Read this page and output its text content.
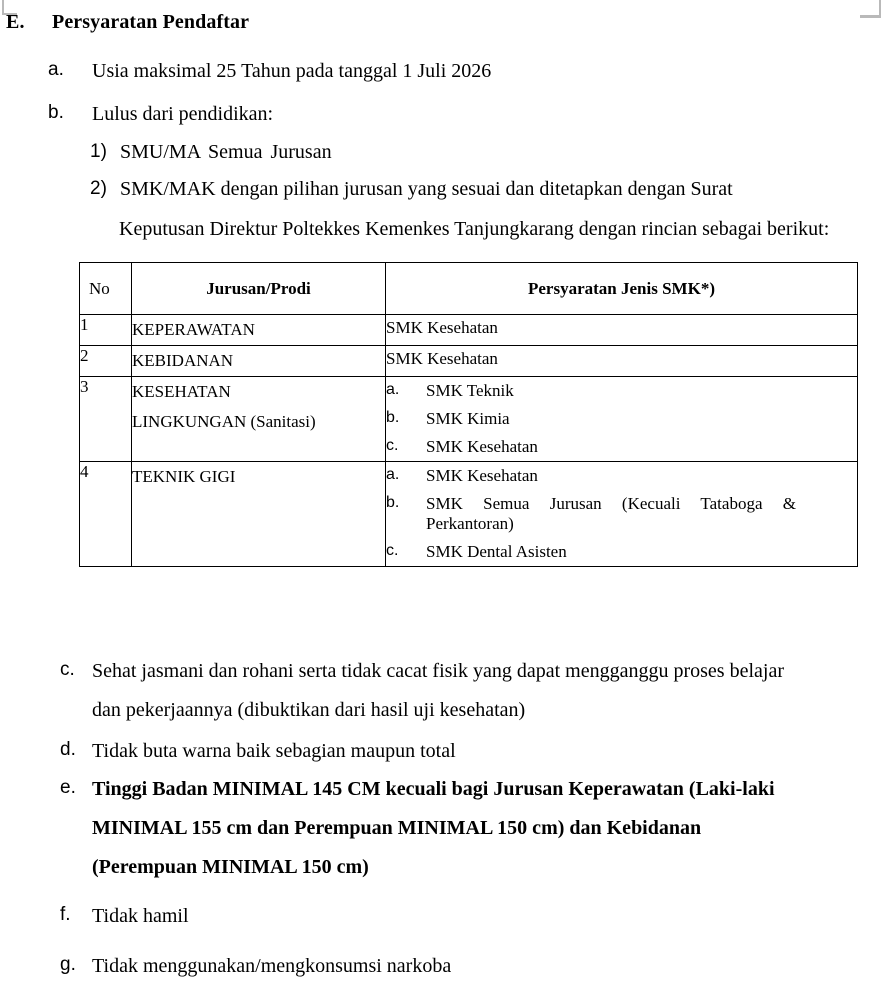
E.	Persyaratan Pendaftar
a.	Usia maksimal 25 Tahun pada tanggal 1 Juli 2026
b.	Lulus dari pendidikan:
1) SMU/MA Semua Jurusan
2) SMK/MAK dengan pilihan jurusan yang sesuai dan ditetapkan dengan Surat
Keputusan Direktur Poltekkes Kemenkes Tanjungkarang dengan rincian sebagai berikut:
No	Jurusan/Prodi	Persyaratan Jenis SMK*)
1	KEPERAWATAN	SMK Kesehatan

2	KEBIDANAN	SMK Kesehatan

3	KESEHATAN
LINGKUNGAN (Sanitasi)

a.	SMK Teknik
b.	SMK Kimia
c.	SMK Kesehatan

4	TEKNIK GIGI	a.	SMK Kesehatan
b.	SMK Semua Jurusan (Kecuali Tataboga & Perkantoran)
c.	SMK Dental Asisten
c. Sehat jasmani dan rohani serta tidak cacat fisik yang dapat mengganggu proses belajar
dan pekerjaannya (dibuktikan dari hasil uji kesehatan)
d. Tidak buta warna baik sebagian maupun total
e. Tinggi Badan MINIMAL 145 CM kecuali bagi Jurusan Keperawatan (Laki-laki
MINIMAL 155 cm dan Perempuan MINIMAL 150 cm) dan Kebidanan
(Perempuan MINIMAL 150 cm)
f.	Tidak hamil
g. Tidak menggunakan/mengkonsumsi narkoba
